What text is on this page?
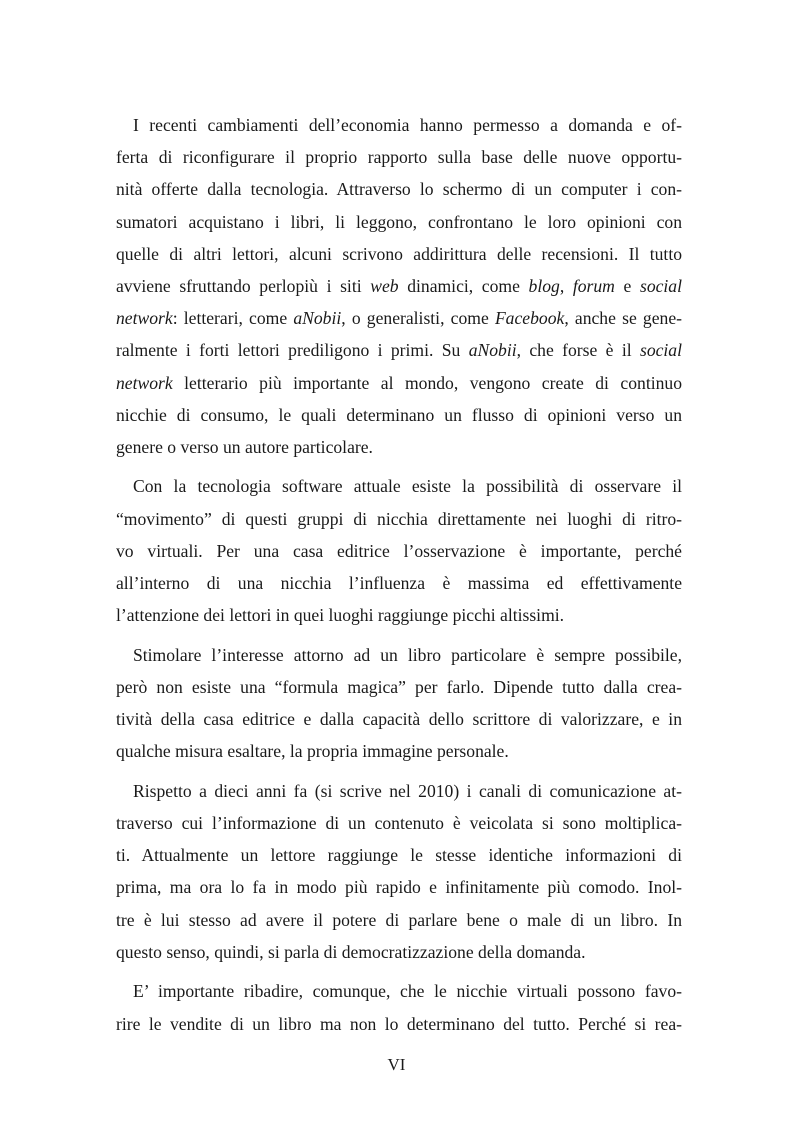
I recenti cambiamenti dell’economia hanno permesso a domanda e of-
ferta di riconfigurare il proprio rapporto sulla base delle nuove opportu-
nità offerte dalla tecnologia. Attraverso lo schermo di un computer i con-
sumatori acquistano i libri, li leggono, confrontano le loro opinioni con
quelle di altri lettori, alcuni scrivono addirittura delle recensioni. Il tutto
avviene sfruttando perlopiù i siti web dinamici, come blog, forum e social
network: letterari, come aNobii, o generalisti, come Facebook, anche se gene-
ralmente i forti lettori prediligono i primi. Su aNobii, che forse è il social
network letterario più importante al mondo, vengono create di continuo
nicchie di consumo, le quali determinano un flusso di opinioni verso un
genere o verso un autore particolare.
Con la tecnologia software attuale esiste la possibilità di osservare il
“movimento” di questi gruppi di nicchia direttamente nei luoghi di ritro-
vo virtuali. Per una casa editrice l’osservazione è importante, perché
all’interno di una nicchia l’influenza è massima ed effettivamente
l’attenzione dei lettori in quei luoghi raggiunge picchi altissimi.
Stimolare l’interesse attorno ad un libro particolare è sempre possibile,
però non esiste una “formula magica” per farlo. Dipende tutto dalla crea-
tività della casa editrice e dalla capacità dello scrittore di valorizzare, e in
qualche misura esaltare, la propria immagine personale.
Rispetto a dieci anni fa (si scrive nel 2010) i canali di comunicazione at-
traverso cui l’informazione di un contenuto è veicolata si sono moltiplica-
ti. Attualmente un lettore raggiunge le stesse identiche informazioni di
prima, ma ora lo fa in modo più rapido e infinitamente più comodo. Inol-
tre è lui stesso ad avere il potere di parlare bene o male di un libro. In
questo senso, quindi, si parla di democratizzazione della domanda.
E’ importante ribadire, comunque, che le nicchie virtuali possono favo-
rire le vendite di un libro ma non lo determinano del tutto. Perché si rea-
VI
